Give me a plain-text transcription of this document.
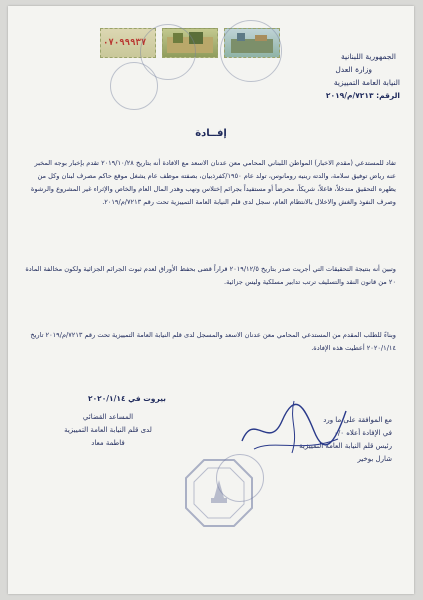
٠٧٠٩٩٩٣٧
الجمهورية اللبنانية
وزارة العدل
النيابة العامة التمييزية
الرقم: ٧٢١٣/م/٢٠١٩
إفــادة
تفاد للمستدعي (مقدم الاخبار) المواطن اللبناني المحامي معن عدنان الاسعد مع الافادة أنه بتاريخ ٢٠١٩/١٠/٢٨ تقدم بإخبار بوجه المخبر عنه رياض توفيق سلامة، والدته رينيه رومانوس، تولد عام ١٩٥٠/كفرذبيان، بصفته موظف عام يشغل موقع حاكم مصرف لبنان وكل من يظهره التحقيق متدخلاً، فاعلاً، شريكاً، محرضاً أو مستفيداً بجرائم إختلاس ونهب وهدر المال العام والخاص والإثراء غير المشروع والرشوة وصرف النفوذ والغش والاخلال بالانتظام العام، سجل لدى قلم النيابة العامة التمييزية تحت رقم ٧٢١٣/م/٢٠١٩.
وتبين أنه بنتيجة التحقيقات التي أجريت صدر بتاريخ ٢٠١٩/١٢/٥ قراراً قضى بحفظ الأوراق لعدم ثبوت الجرائم الجزائية ولكون مخالفة المادة ٢٠ من قانون النقد والتسليف ترتب تدابير مسلكية وليس جزائية.
وبناءً للطلب المقدم من المستدعي المحامي معن عدنان الاسعد والمسجل لدى قلم النيابة العامة التمييزية تحت رقم ٧٢١٣/م/٢٠١٩ تاريخ ٢٠٢٠/١/١٤ أعطيت هذه الإفادة.
بيروت في ٢٠٢٠/١/١٤
المساعد القضائي
لدى قلم النيابة العامة التمييزية
فاطمة معاد
مع الموافقة على ما ورد
في الإفادة أعلاه ٠/٠
رئيس قلم النيابة العامة التمييزية
شارل بوخير
